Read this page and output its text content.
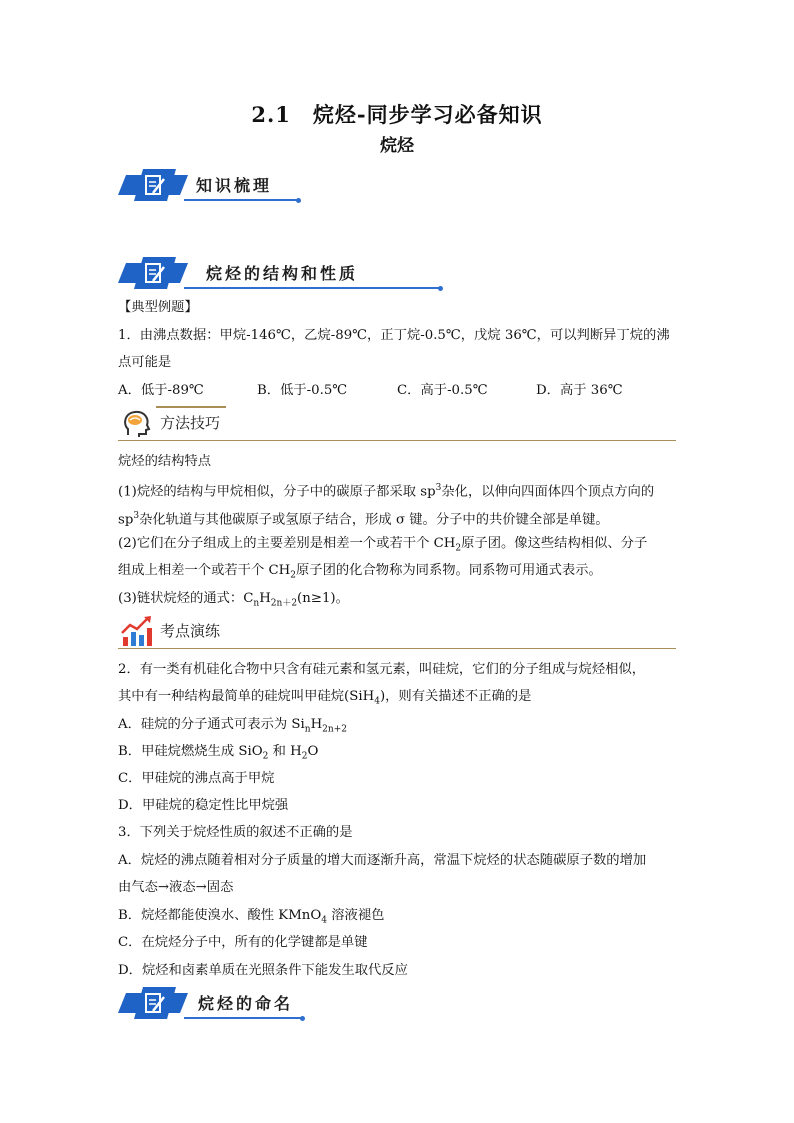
2.1　烷烃-同步学习必备知识
烷烃
知识梳理
烷烃的结构和性质
【典型例题】
1．由沸点数据：甲烷-146℃，乙烷-89℃，正丁烷-0.5℃，戊烷 36℃，可以判断异丁烷的沸
点可能是
A．低于-89℃	B．低于-0.5℃	C．高于-0.5℃	D．高于 36℃
方法技巧
烷烃的结构特点
(1)烷烃的结构与甲烷相似，分子中的碳原子都采取 $sp^3$杂化，以伸向四面体四个顶点方向的
$sp^3$杂化轨道与其他碳原子或氢原子结合，形成 σ 键。分子中的共价键全部是单键。
(2)它们在分子组成上的主要差别是相差一个或若干个 $CH_2$原子团。像这些结构相似、分子
组成上相差一个或若干个 $CH_2$原子团的化合物称为同系物。同系物可用通式表示。
(3)链状烷烃的通式：$C_nH_{2n+2}(n\ge 1)$。
考点演练
2．有一类有机硅化合物中只含有硅元素和氢元素，叫硅烷，它们的分子组成与烷烃相似，
其中有一种结构最简单的硅烷叫甲硅烷(SiH$_4$)，则有关描述不正确的是
A．硅烷的分子通式可表示为 $Si_nH_{2n+2}$
B．甲硅烷燃烧生成 SiO$_2$ 和 $H_2O$
C．甲硅烷的沸点高于甲烷
D．甲硅烷的稳定性比甲烷强
3．下列关于烷烃性质的叙述不正确的是
A．烷烃的沸点随着相对分子质量的增大而逐渐升高，常温下烷烃的状态随碳原子数的增加
由气态→液态→固态
B．烷烃都能使溴水、酸性 KMnO$_4$ 溶液褪色
C．在烷烃分子中，所有的化学键都是单键
D．烷烃和卤素单质在光照条件下能发生取代反应
烷烃的命名
